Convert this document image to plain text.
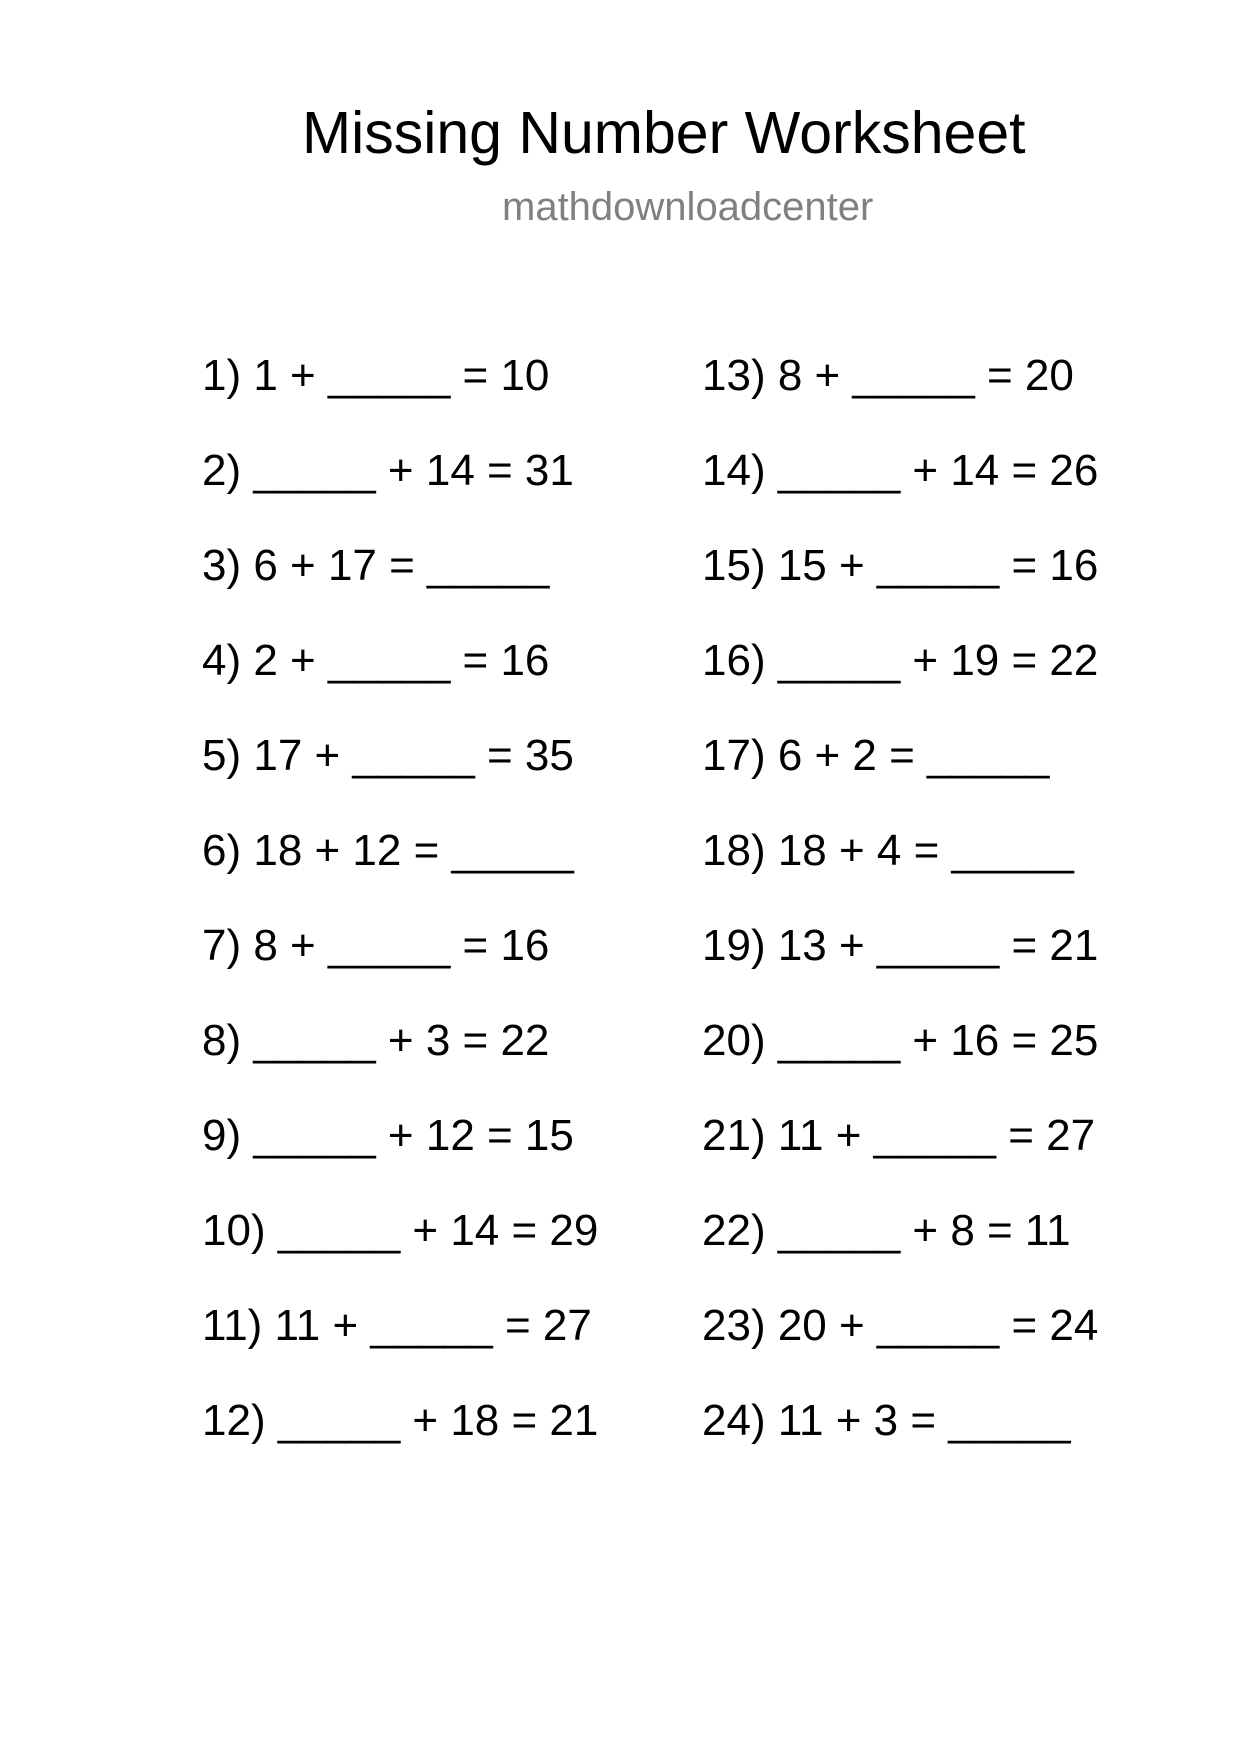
Missing Number Worksheet
mathdownloadcenter
1) 1 + _____ = 10
2) _____ + 14 = 31
3) 6 + 17 = _____
4) 2 + _____ = 16
5) 17 + _____ = 35
6) 18 + 12 = _____
7) 8 + _____ = 16
8) _____ + 3 = 22
9) _____ + 12 = 15
10) _____ + 14 = 29
11) 11 + _____ = 27
12) _____ + 18 = 21
13) 8 + _____ = 20
14) _____ + 14 = 26
15) 15 + _____ = 16
16) _____ + 19 = 22
17) 6 + 2 = _____
18) 18 + 4 = _____
19) 13 + _____ = 21
20) _____ + 16 = 25
21) 11 + _____ = 27
22) _____ + 8 = 11
23) 20 + _____ = 24
24) 11 + 3 = _____
